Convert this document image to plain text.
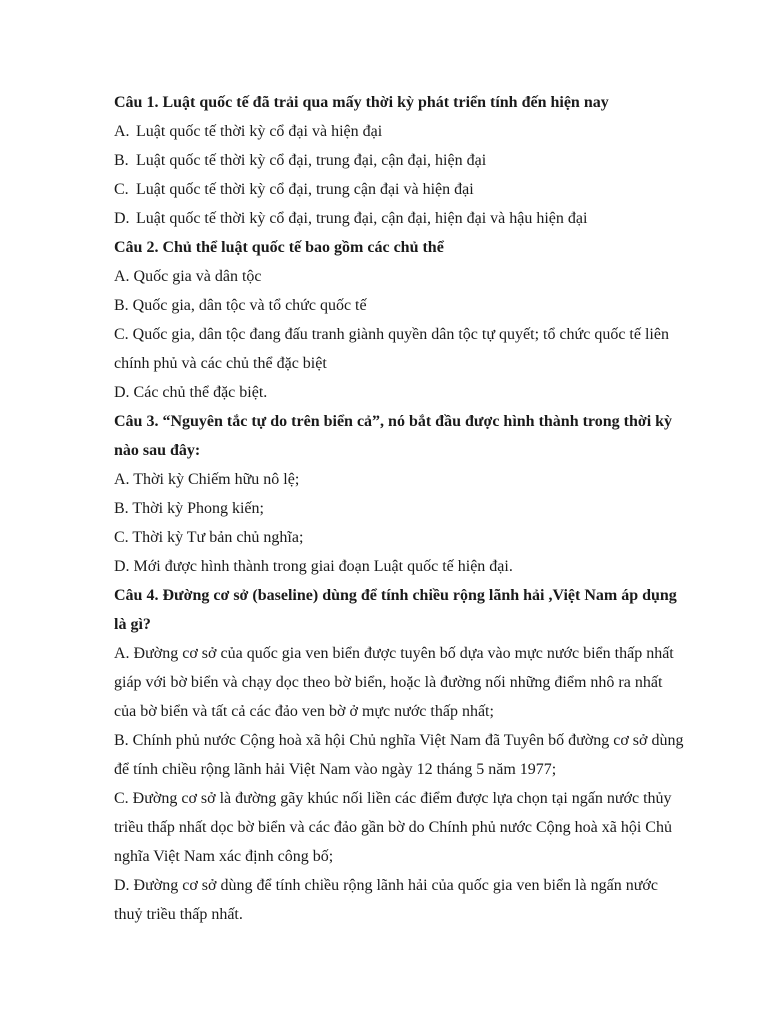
Câu 1. Luật quốc tế đã trải qua mấy thời kỳ phát triển tính đến hiện nay

A. Luật quốc tế thời kỳ cổ đại và hiện đại

B. Luật quốc tế thời kỳ cổ đại, trung đại, cận đại, hiện đại

C. Luật quốc tế thời kỳ cổ đại, trung cận đại và hiện đại

D. Luật quốc tế thời kỳ cổ đại, trung đại, cận đại, hiện đại và hậu hiện đại

Câu 2. Chủ thể luật quốc tế bao gồm các chủ thể

A. Quốc gia và dân tộc

B. Quốc gia, dân tộc và tổ chức quốc tế

C. Quốc gia, dân tộc đang đấu tranh giành quyền dân tộc tự quyết; tổ chức quốc tế liên chính phủ và các chủ thể đặc biệt

D. Các chủ thể đặc biệt.

Câu 3. “Nguyên tắc tự do trên biển cả”, nó bắt đầu được hình thành trong thời kỳ nào sau đây:

A. Thời kỳ Chiếm hữu nô lệ;

B. Thời kỳ Phong kiến;

C. Thời kỳ Tư bản chủ nghĩa;

D. Mới được hình thành trong giai đoạn Luật quốc tế hiện đại.

Câu 4. Đường cơ sở (baseline) dùng để tính chiều rộng lãnh hải ,Việt Nam áp dụng là gì?

A. Đường cơ sở của quốc gia ven biển được tuyên bố dựa vào mực nước biển thấp nhất giáp với bờ biển và chạy dọc theo bờ biển, hoặc là đường nối những điểm nhô ra nhất của bờ biển và tất cả các đảo ven bờ ở mực nước thấp nhất;

B. Chính phủ nước Cộng hoà xã hội Chủ nghĩa Việt Nam đã Tuyên bố đường cơ sở dùng để tính chiều rộng lãnh hải Việt Nam vào ngày 12 tháng 5 năm 1977;

C. Đường cơ sở là đường gãy khúc nối liền các điểm được lựa chọn tại ngấn nước thủy triều thấp nhất dọc bờ biển và các đảo gần bờ do Chính phủ nước Cộng hoà xã hội Chủ nghĩa Việt Nam xác định công bố;

D. Đường cơ sở dùng để tính chiều rộng lãnh hải của quốc gia ven biển là ngấn nước thuỷ triều thấp nhất.
